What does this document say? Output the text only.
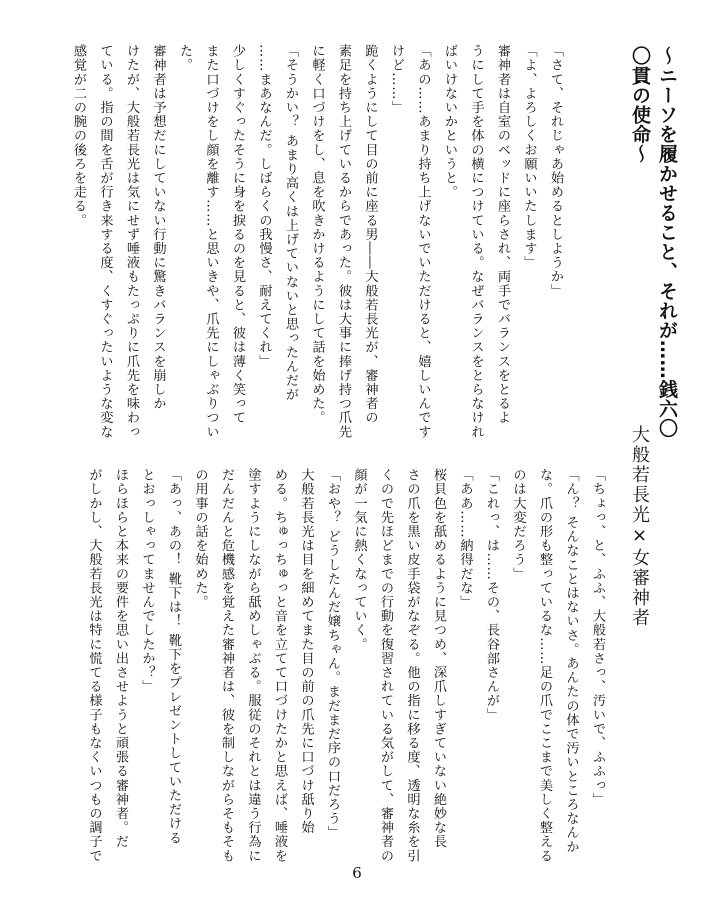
～ニーソを履かせること、それが……銭六〇
〇貫の使命～
大般若長光×女審神者
「さて、それじゃあ始めるとしようか」
「よ、よろしくお願いいたします」
審神者は自室のベッドに座らされ、両手でバランスをとるよ
うにして手を体の横につけている。なぜバランスをとらなけれ
ばいけないかというと。
「あの……あまり持ち上げないでいただけると、嬉しいんです
けど……」
跪くようにして目の前に座る男――大般若長光が、審神者の
素足を持ち上げているからであった。彼は大事に捧げ持つ爪先
に軽く口づけをし、息を吹きかけるようにして話を始めた。
「そうかい？ あまり高くは上げていないと思ったんだが
……まあなんだ。しばらくの我慢さ、耐えてくれ」
少しくすぐったそうに身を捩るのを見ると、彼は薄く笑って
また口づけをし顔を離す……と思いきや、爪先にしゃぶりつい
た。
審神者は予想だにしていない行動に驚きバランスを崩しか
けたが、大般若長光は気にせず唾液もたっぷりに爪先を味わっ
ている。指の間を舌が行き来する度、くすぐったいような変な
感覚が二の腕の後ろを走る。
「ちょっ、と、ふふ、大般若さっ、汚いで、ふふっ」
「ん？ そんなことはないさ。あんたの体で汚いところなんか
な。爪の形も整っているな……足の爪でここまで美しく整える
のは大変だろう」
「これっ、は……その、長谷部さんが」
「ああ……納得だな」
桜貝色を舐めるように見つめ、深爪しすぎていない絶妙な長
さの爪を黒い皮手袋がなぞる。他の指に移る度、透明な糸を引
くので先ほどまでの行動を復習されている気がして、審神者の
顔が一気に熱くなっていく。
「おや？ どうしたんだ嬢ちゃん。まだまだ序の口だろう」
大般若長光は目を細めてまた目の前の爪先に口づけ舐り始
める。ちゅっちゅっと音を立てて口づけたかと思えば、唾液を
塗すようにしながら舐めしゃぶる。服従のそれとは違う行為に
だんだんと危機感を覚えた審神者は、彼を制しながらそもそも
の用事の話を始めた。
「あっ、あの！ 靴下は！ 靴下をプレゼントしていただける
とおっしゃってませんでしたか？」
ほらほらと本来の要件を思い出させようと頑張る審神者。だ
がしかし、大般若長光は特に慌てる様子もなくいつもの調子で
6
